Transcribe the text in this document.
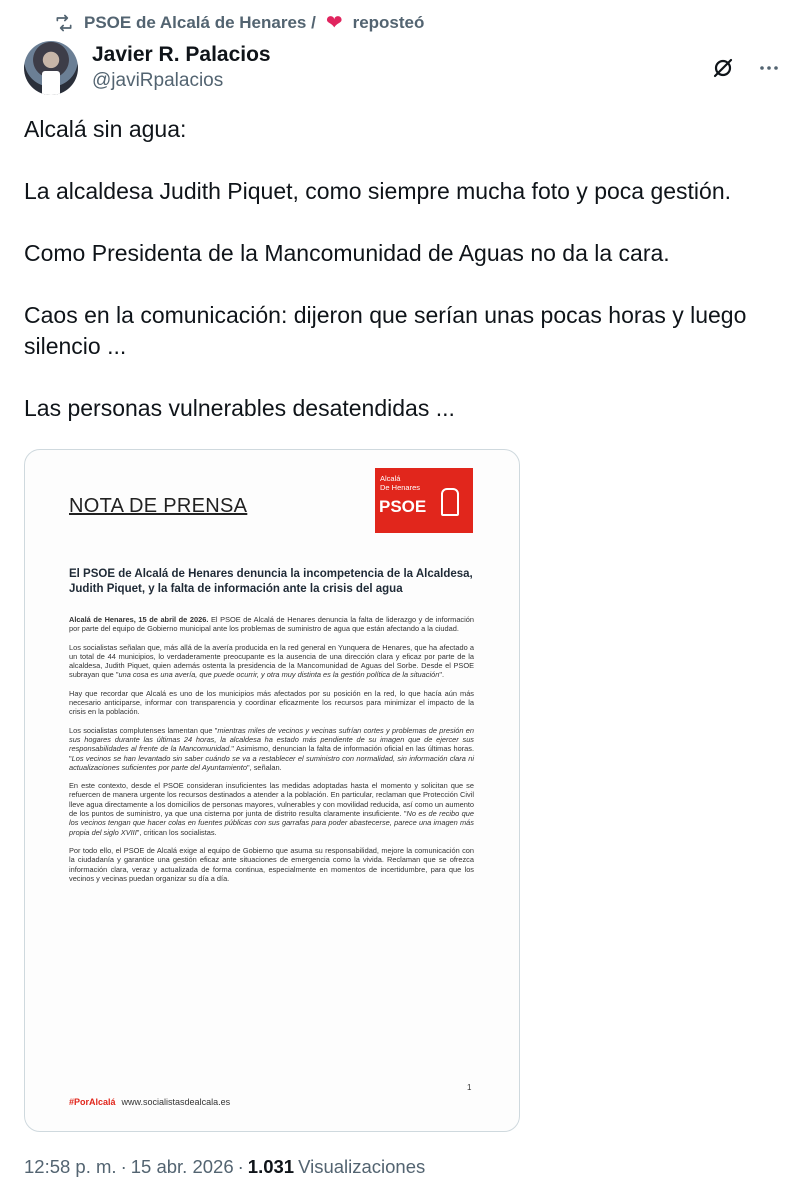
PSOE de Alcalá de Henares / ❤ reposteó
Javier R. Palacios
@javiRpalacios

Alcalá sin agua:

La alcaldesa Judith Piquet, como siempre mucha foto y poca gestión.

Como Presidenta de la Mancomunidad de Aguas no da la cara.

Caos en la comunicación: dijeron que serían unas pocas horas y luego silencio ...

Las personas vulnerables desatendidas ...

NOTA DE PRENSA
Alcalá
De Henares
PSOE
El PSOE de Alcalá de Henares denuncia la incompetencia de la Alcaldesa, Judith Piquet, y la falta de información ante la crisis del agua

Alcalá de Henares, 15 de abril de 2026. El PSOE de Alcalá de Henares denuncia la falta de liderazgo y de información por parte del equipo de Gobierno municipal ante los problemas de suministro de agua que están afectando a la ciudad.

Los socialistas señalan que, más allá de la avería producida en la red general en Yunquera de Henares, que ha afectado a un total de 44 municipios, lo verdaderamente preocupante es la ausencia de una dirección clara y eficaz por parte de la alcaldesa, Judith Piquet, quien además ostenta la presidencia de la Mancomunidad de Aguas del Sorbe. Desde el PSOE subrayan que "una cosa es una avería, que puede ocurrir, y otra muy distinta es la gestión política de la situación".

Hay que recordar que Alcalá es uno de los municipios más afectados por su posición en la red, lo que hacía aún más necesario anticiparse, informar con transparencia y coordinar eficazmente los recursos para minimizar el impacto de la crisis en la población.

Los socialistas complutenses lamentan que "mientras miles de vecinos y vecinas sufrían cortes y problemas de presión en sus hogares durante las últimas 24 horas, la alcaldesa ha estado más pendiente de su imagen que de ejercer sus responsabilidades al frente de la Mancomunidad." Asimismo, denuncian la falta de información oficial en las últimas horas. "Los vecinos se han levantado sin saber cuándo se va a restablecer el suministro con normalidad, sin información clara ni actualizaciones suficientes por parte del Ayuntamiento", señalan.

En este contexto, desde el PSOE consideran insuficientes las medidas adoptadas hasta el momento y solicitan que se refuercen de manera urgente los recursos destinados a atender a la población. En particular, reclaman que Protección Civil lleve agua directamente a los domicilios de personas mayores, vulnerables y con movilidad reducida, así como un aumento de los puntos de suministro, ya que una cisterna por junta de distrito resulta claramente insuficiente. "No es de recibo que los vecinos tengan que hacer colas en fuentes públicas con sus garrafas para poder abastecerse, parece una imagen más propia del siglo XVIII", critican los socialistas.

Por todo ello, el PSOE de Alcalá exige al equipo de Gobierno que asuma su responsabilidad, mejore la comunicación con la ciudadanía y garantice una gestión eficaz ante situaciones de emergencia como la vivida. Reclaman que se ofrezca información clara, veraz y actualizada de forma continua, especialmente en momentos de incertidumbre, para que los vecinos y vecinas puedan organizar su día a día.

1
#PorAlcalá www.socialistasdealcala.es
12:58 p. m. · 15 abr. 2026 · 1.031 Visualizaciones
